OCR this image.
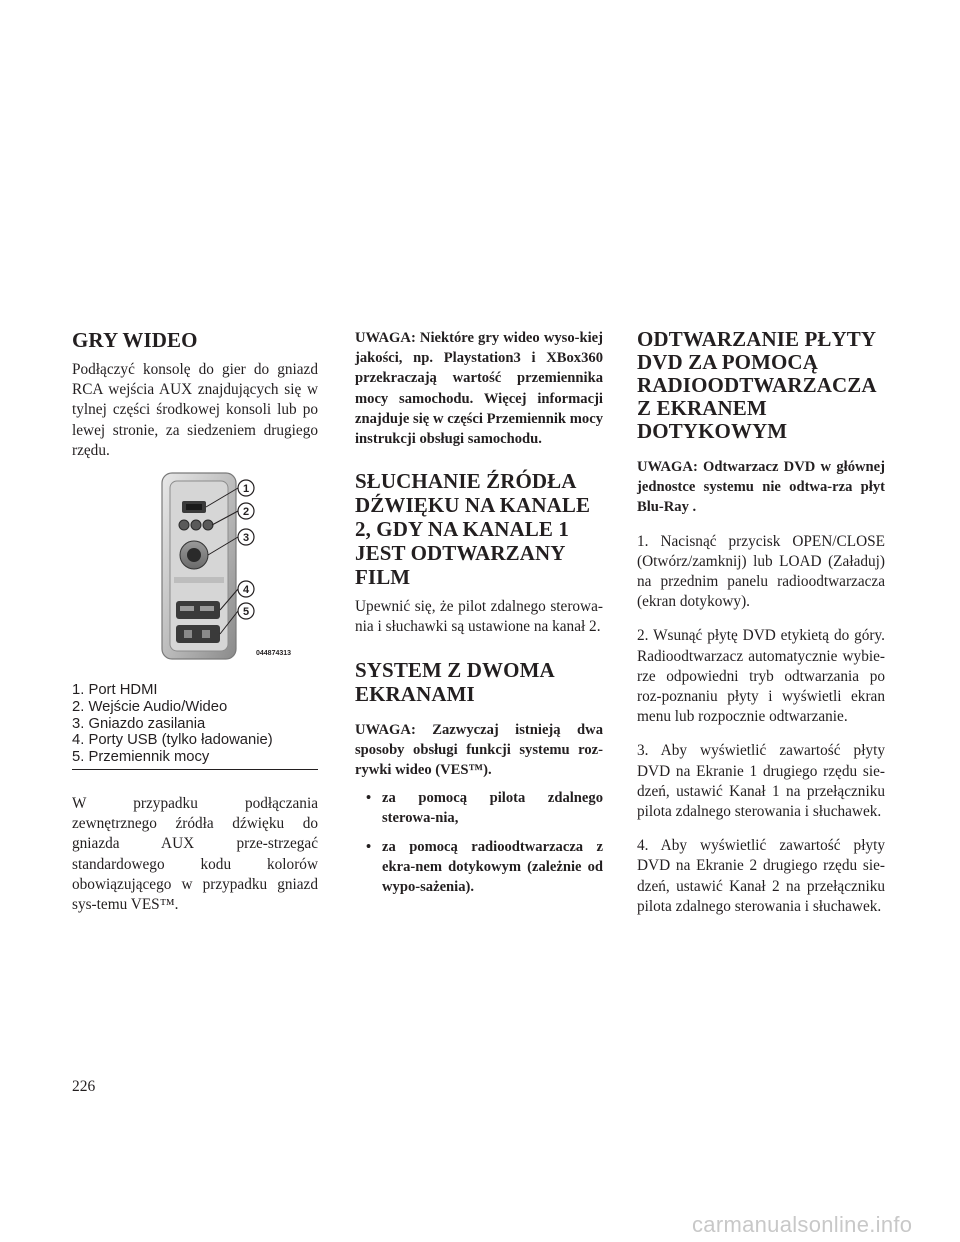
GRY WIDEO

Podłączyć konsolę do gier do gniazd RCA wejścia AUX znajdujących się w tylnej części środkowej konsoli lub po lewej stronie, za siedzeniem drugiego rzędu.

1
2
3
4
5
044874313

1. Port HDMI

2. Wejście Audio/Wideo

3. Gniazdo zasilania

4. Porty USB (tylko ładowanie)

5. Przemiennik mocy

W przypadku podłączania zewnętrznego źródła dźwięku do gniazda AUX prze-strzegać standardowego kodu kolorów obowiązującego w przypadku gniazd sys-temu VES™.

UWAGA: Niektóre gry wideo wyso-kiej jakości, np. Playstation3 i XBox360 przekraczają wartość przemiennika mocy samochodu. Więcej informacji znajduje się w części Przemiennik mocy instrukcji obsługi samochodu.

SŁUCHANIE ŹRÓDŁA DŹWIĘKU NA KANALE 2, GDY NA KANALE 1 JEST ODTWARZANY FILM

Upewnić się, że pilot zdalnego sterowa-nia i słuchawki są ustawione na kanał 2.

SYSTEM Z DWOMA EKRANAMI

UWAGA: Zazwyczaj istnieją dwa sposoby obsługi funkcji systemu roz-rywki wideo (VES™).

• za pomocą pilota zdalnego sterowa-nia,
• za pomocą radioodtwarzacza z ekra-nem dotykowym (zależnie od wypo-sażenia).
ODTWARZANIE PŁYTY DVD ZA POMOCĄ RADIOODTWARZACZA Z EKRANEM DOTYKOWYM

UWAGA: Odtwarzacz DVD w głównej jednostce systemu nie odtwa-rza płyt Blu-Ray .

1. Nacisnąć przycisk OPEN/CLOSE (Otwórz/zamknij) lub LOAD (Załaduj) na przednim panelu radioodtwarzacza (ekran dotykowy).

2. Wsunąć płytę DVD etykietą do góry. Radioodtwarzacz automatycznie wybie-rze odpowiedni tryb odtwarzania po roz-poznaniu płyty i wyświetli ekran menu lub rozpocznie odtwarzanie.

3. Aby wyświetlić zawartość płyty DVD na Ekranie 1 drugiego rzędu sie-dzeń, ustawić Kanał 1 na przełączniku pilota zdalnego sterowania i słuchawek.

4. Aby wyświetlić zawartość płyty DVD na Ekranie 2 drugiego rzędu sie-dzeń, ustawić Kanał 2 na przełączniku pilota zdalnego sterowania i słuchawek.

226
carmanualsonline.info
